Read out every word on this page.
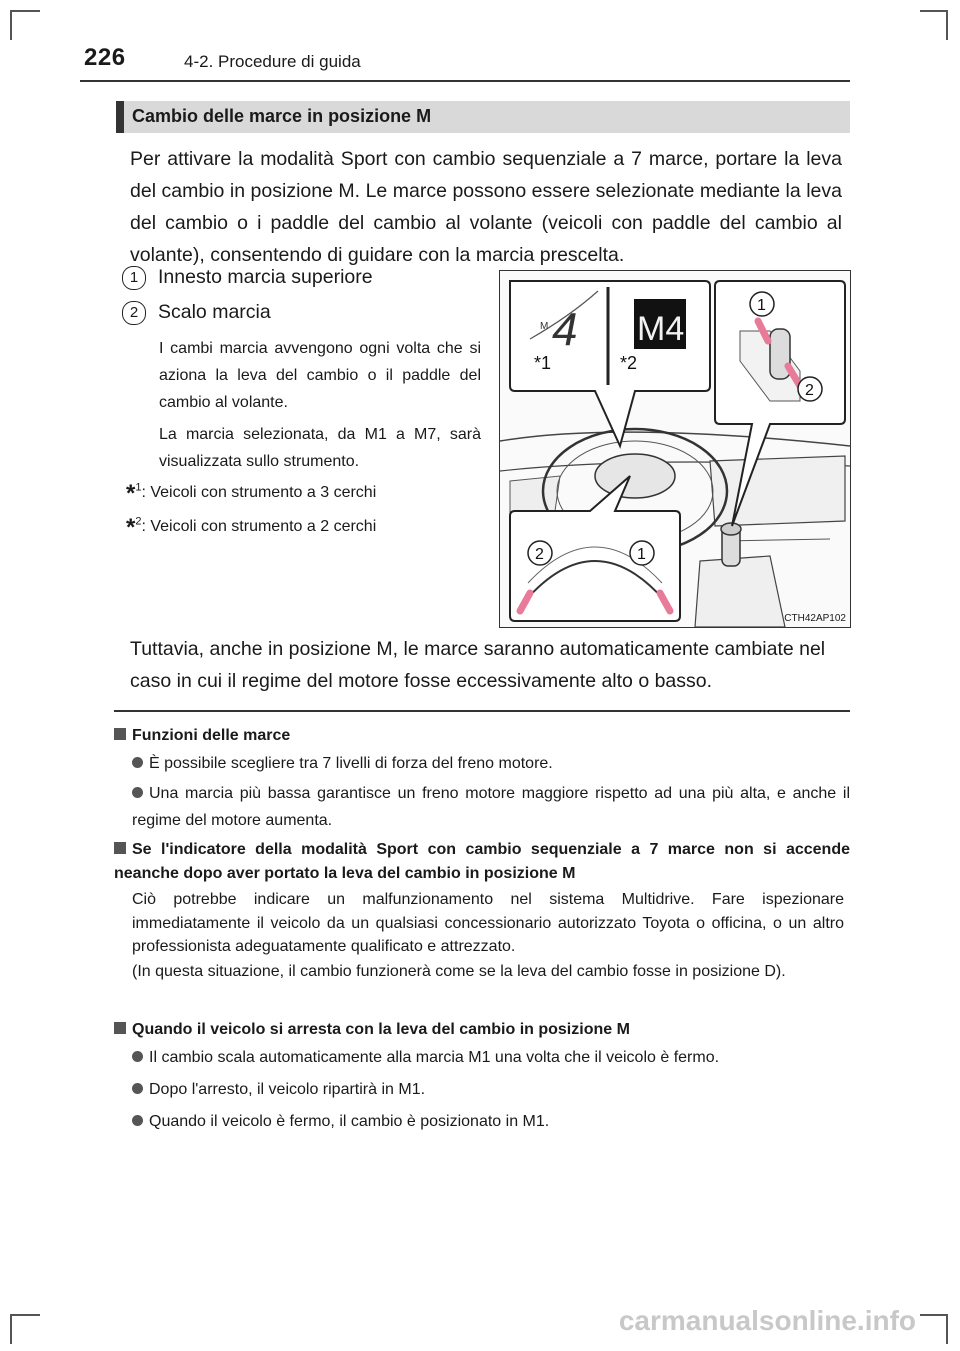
226	4-2. Procedure di guida
Cambio delle marce in posizione M
Per attivare la modalità Sport con cambio sequenziale a 7 marce, portare la leva del cambio in posizione M. Le marce possono essere selezionate mediante la leva del cambio o i paddle del cambio al volante (veicoli con paddle del cambio al volante), consentendo di guidare con la marcia prescelta.
1 Innesto marcia superiore
2 Scalo marcia
I cambi marcia avvengono ogni volta che si aziona la leva del cambio o il paddle del cambio al volante.
La marcia selezionata, da M1 a M7, sarà visualizzata sullo strumento.
*$^1$: Veicoli con strumento a 3 cerchi
*$^2$: Veicoli con strumento a 2 cerchi
M 4 M4
*1	*2
1
2
2	1
CTH42AP102
Tuttavia, anche in posizione M, le marce saranno automaticamente cambiate nel caso in cui il regime del motore fosse eccessivamente alto o basso.
Funzioni delle marce
È possibile scegliere tra 7 livelli di forza del freno motore.
Una marcia più bassa garantisce un freno motore maggiore rispetto ad una più alta, e anche il regime del motore aumenta.
Se l'indicatore della modalità Sport con cambio sequenziale a 7 marce non si accende neanche dopo aver portato la leva del cambio in posizione M
Ciò potrebbe indicare un malfunzionamento nel sistema Multidrive. Fare ispezionare immediatamente il veicolo da un qualsiasi concessionario autorizzato Toyota o officina, o un altro professionista adeguatamente qualificato e attrezzato.
(In questa situazione, il cambio funzionerà come se la leva del cambio fosse in posizione D).
Quando il veicolo si arresta con la leva del cambio in posizione M
Il cambio scala automaticamente alla marcia M1 una volta che il veicolo è fermo.
Dopo l'arresto, il veicolo ripartirà in M1.
Quando il veicolo è fermo, il cambio è posizionato in M1.
carmanualsonline.info
